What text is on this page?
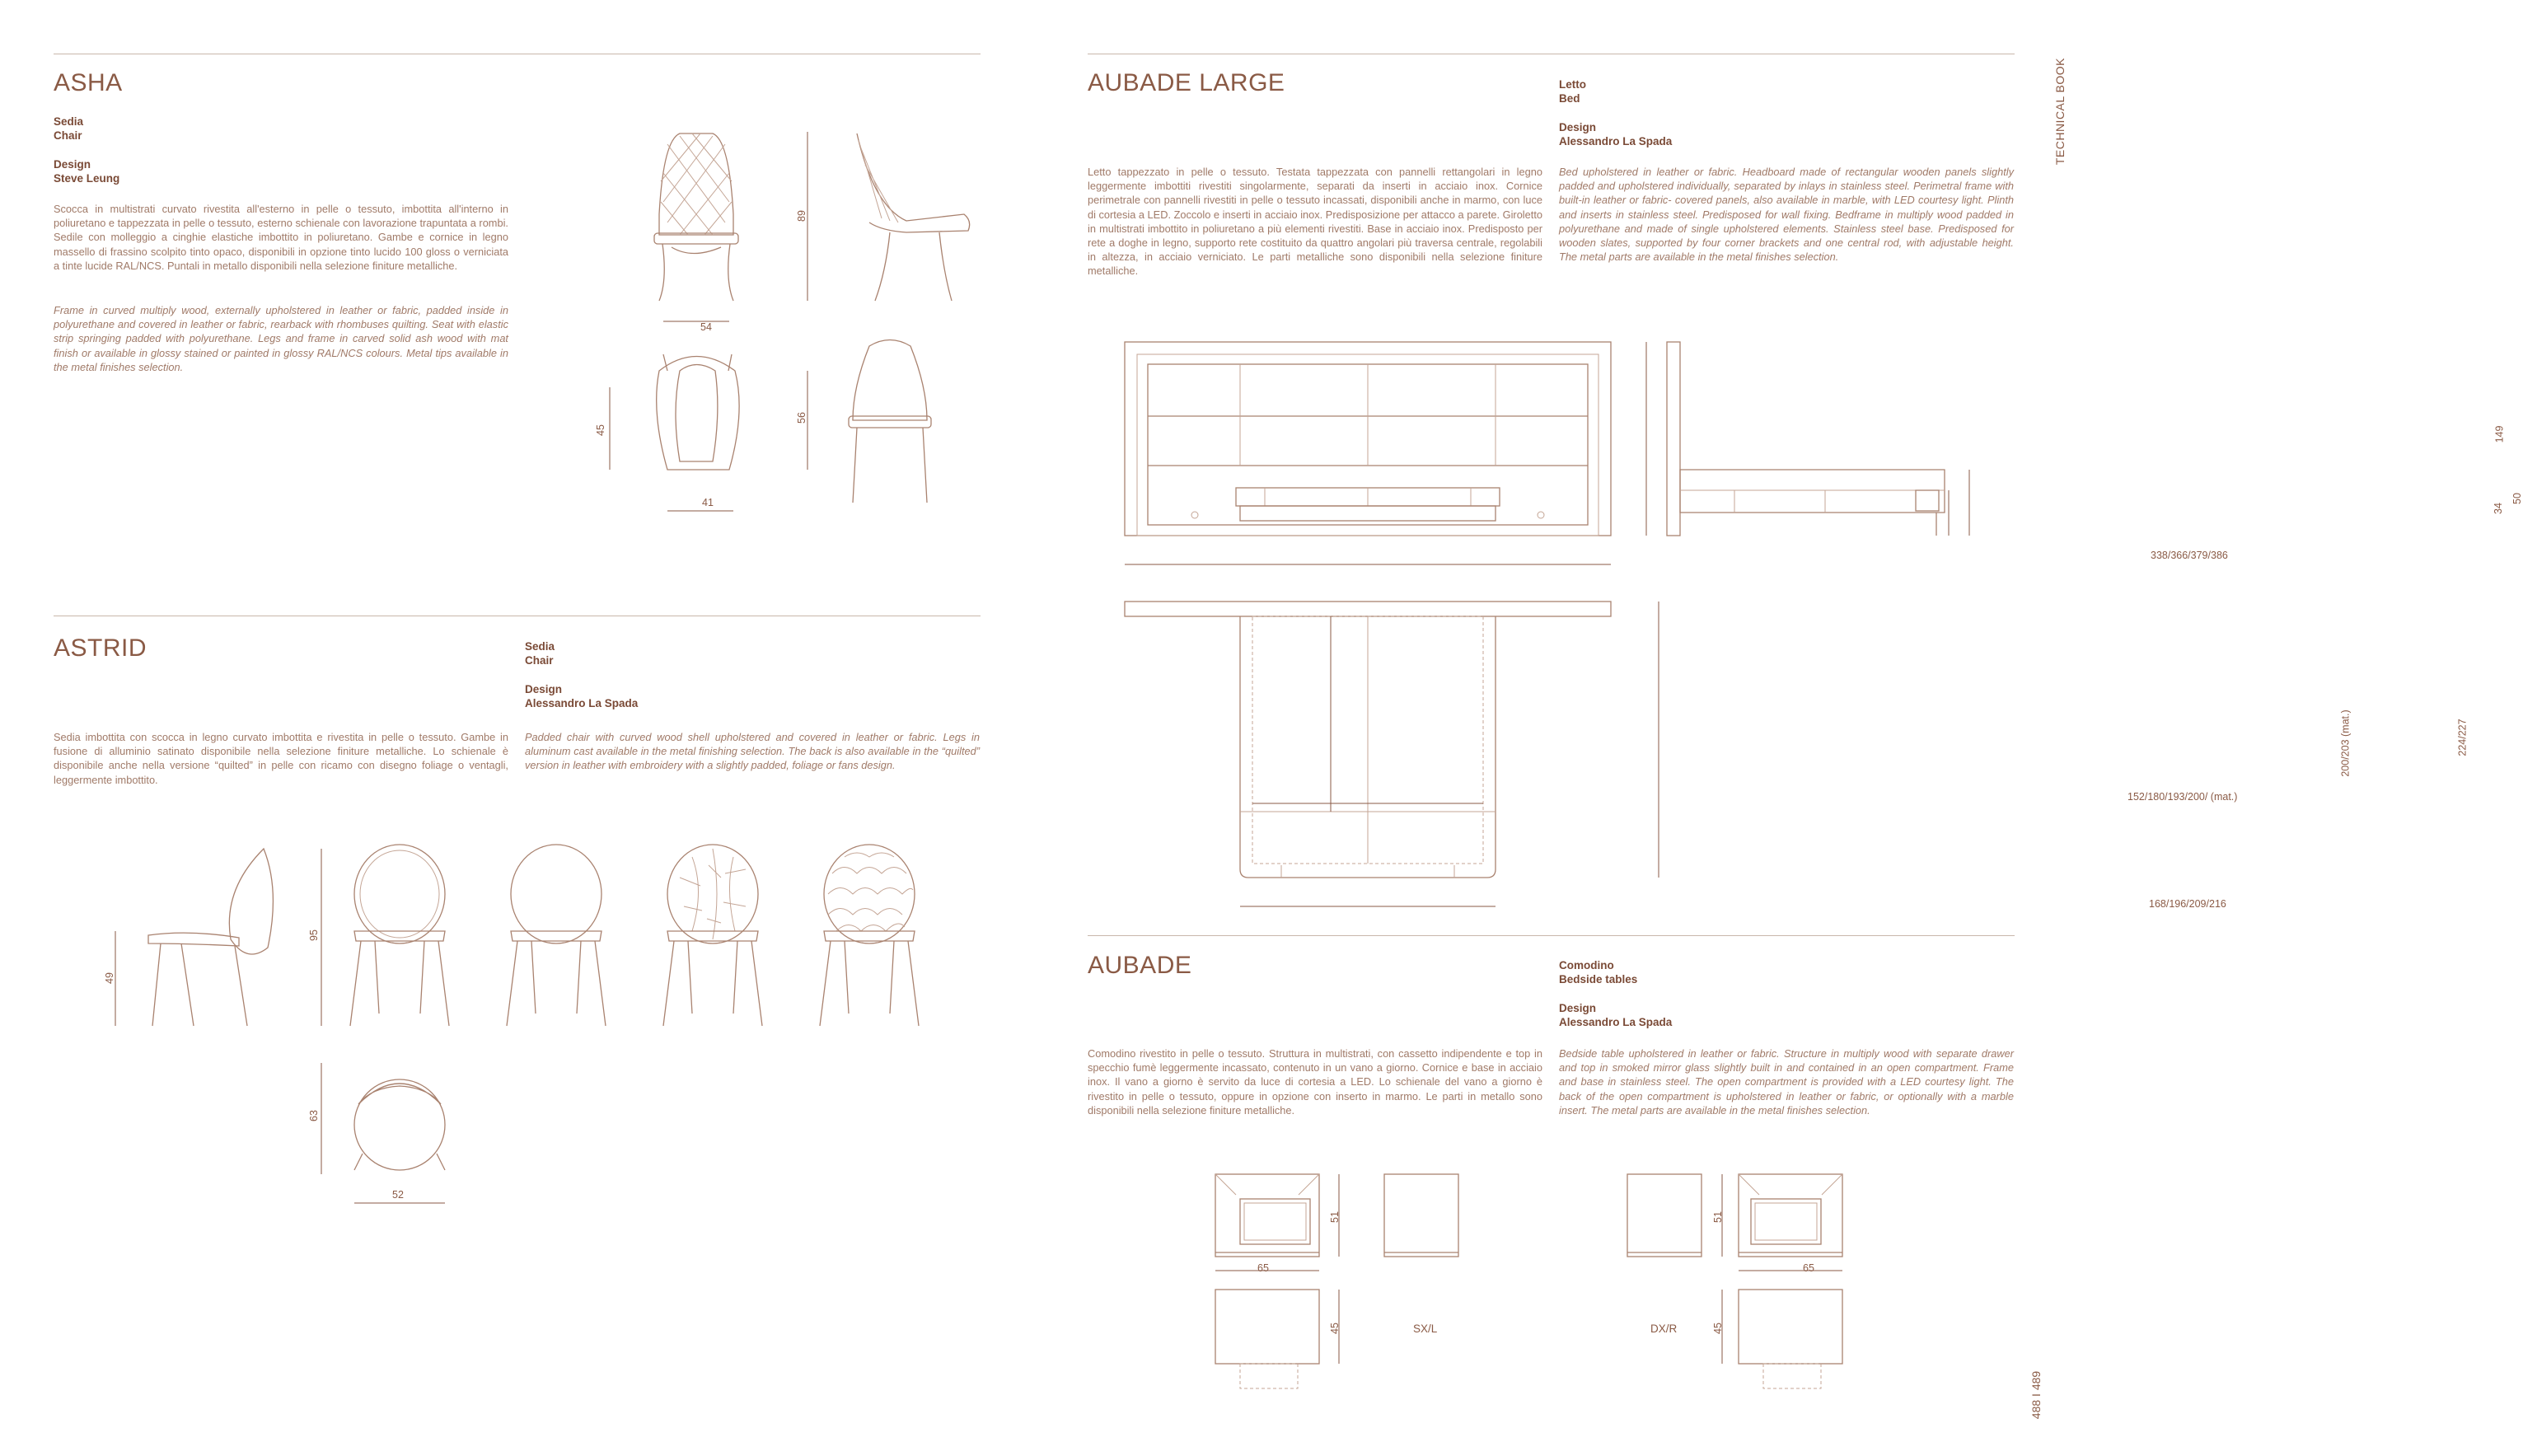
ASHA
Sedia
Chair
Design
Steve Leung
Scocca in multistrati curvato rivestita all'esterno in pelle o tessuto, imbottita all'interno in poliuretano e tappezzata in pelle o tessuto, esterno schienale con lavorazione trapuntata a rombi. Sedile con molleggio a cinghie elastiche imbottito in poliuretano. Gambe e cornice in legno massello di frassino scolpito tinto opaco, disponibili in opzione tinto lucido 100 gloss o verniciata a tinte lucide RAL/NCS. Puntali in metallo disponibili nella selezione finiture metalliche.
Frame in curved multiply wood, externally upholstered in leather or fabric, padded inside in polyurethane and covered in leather or fabric, rearback with rhombuses quilting. Seat with elastic strip springing padded with polyurethane. Legs and frame in carved solid ash wood with mat finish or available in glossy stained or painted in glossy RAL/NCS colours. Metal tips available in the metal finishes selection.
54
89
45
56
41
ASTRID	Sedia
Chair
Design
Alessandro La Spada
Sedia imbottita con scocca in legno curvato imbottita e rivestita in pelle o tessuto. Gambe in fusione di alluminio satinato disponibile nella selezione finiture metalliche. Lo schienale è disponibile anche nella versione “quilted” in pelle con ricamo con disegno foliage o ventagli, leggermente imbottito.
Padded chair with curved wood shell upholstered and covered in leather or fabric. Legs in aluminum cast available in the metal finishing selection. The back is also available in the “quilted” version in leather with embroidery with a slightly padded, foliage or fans design.
49
95
63
52
AUBADE LARGE	Letto
Bed
Design
Alessandro La Spada
Letto tappezzato in pelle o tessuto. Testata tappezzata con pannelli rettangolari in legno leggermente imbottiti rivestiti singolarmente, separati da inserti in acciaio inox. Cornice perimetrale con pannelli rivestiti in pelle o tessuto incassati, disponibili anche in marmo, con luce di cortesia a LED. Zoccolo e inserti in acciaio inox. Predisposizione per attacco a parete. Giroletto in multistrati imbottito in poliuretano a più elementi rivestiti. Base in acciaio inox. Predisposto per rete a doghe in legno, supporto rete costituito da quattro angolari più traversa centrale, regolabili in altezza, in acciaio verniciato. Le parti metalliche sono disponibili nella selezione finiture metalliche.
Bed upholstered in leather or fabric. Headboard made of rectangular wooden panels slightly padded and upholstered individually, separated by inlays in stainless steel. Perimetral frame with built-in leather or fabric- covered panels, also available in marble, with LED courtesy light. Plinth and inserts in stainless steel. Predisposed for wall fixing. Bedframe in multiply wood padded in polyurethane and made of single upholstered elements. Stainless steel base. Predisposed for wooden slates, supported by four corner brackets and one central rod, with adjustable height. The metal parts are available in the metal finishes selection.
338/366/379/386
149
34
50
224/227
200/203 (mat.)
152/180/193/200/ (mat.)
168/196/209/216
AUBADE	Comodino
Bedside tables
Design
Alessandro La Spada
Comodino rivestito in pelle o tessuto. Struttura in multistrati, con cassetto indipendente e top in specchio fumè leggermente incassato, contenuto in un vano a giorno. Cornice e base in acciaio inox. Il vano a giorno è servito da luce di cortesia a LED. Lo schienale del vano a giorno è rivestito in pelle o tessuto, oppure in opzione con inserto in marmo. Le parti in metallo sono disponibili nella selezione finiture metalliche.
Bedside table upholstered in leather or fabric. Structure in multiply wood with separate drawer and top in smoked mirror glass slightly built in and contained in an open compartment. Frame and base in stainless steel. The open compartment is provided with a LED courtesy light. The back of the open compartment is upholstered in leather or fabric, or optionally with a marble insert. The metal parts are available in the metal finishes selection.
51
65
45	SX/L	DX/R
51
65
45
TECHNICAL BOOK
488 I 489
